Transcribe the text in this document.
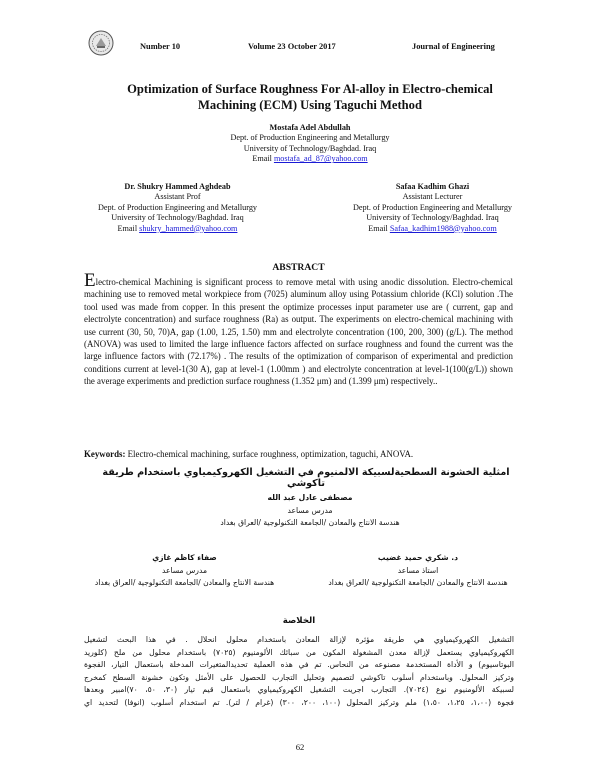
Number 10	Volume 23 October 2017	Journal of Engineering
Optimization of Surface Roughness For Al-alloy in Electro-chemical Machining (ECM) Using Taguchi Method
Mostafa Adel Abdullah
Dept. of Production Engineering and Metallurgy
University of Technology/Baghdad. Iraq
Email mostafa_ad_87@yahoo.com
Dr. Shukry Hammed Aghdeab
Assistant Prof
Dept. of Production Engineering and Metallurgy
University of Technology/Baghdad. Iraq
Email shukry_hammed@yahoo.com
Safaa Kadhim Ghazi
Assistant Lecturer
Dept. of Production Engineering and Metallurgy
University of Technology/Baghdad. Iraq
Email Safaa_kadhim1988@yahoo.com
ABSTRACT
Electro-chemical Machining is significant process to remove metal with using anodic dissolution. Electro-chemical machining use to removed metal workpiece from (7025) aluminum alloy using Potassium chloride (KCl) solution .The tool used was made from copper. In this present the optimize processes input parameter use are ( current, gap and electrolyte concentration) and surface roughness (Ra) as output. The experiments on electro-chemical machining with use current (30, 50, 70)A, gap (1.00, 1.25, 1.50) mm and electrolyte concentration (100, 200, 300) (g/L). The method (ANOVA) was used to limited the large influence factors affected on surface roughness and found the current was the large influence factors with (72.17%) . The results of the optimization of comparison of experimental and prediction conditions current at level-1(30 A), gap at level-1 (1.00mm ) and electrolyte concentration at level-1(100(g/L)) shown the average experiments and prediction surface roughness (1.352 μm) and (1.399 μm) respectively..
Keywords: Electro-chemical machining, surface roughness, optimization, taguchi, ANOVA.
امثلية الخشونة السطحيةلسبيكة الالمنيوم في التشغيل الكهروكيمياوي باستخدام طريقة تاكوشي
مصطفى عادل عبد الله
مدرس مساعد
هندسة الانتاج والمعادن /الجامعة التكنولوجية /العراق بغداد
د. شكري حميد غضيب
استاذ مساعد
هندسة الانتاج والمعادن /الجامعة التكنولوجية /العراق بغداد
صفاء كاظم غازي
مدرس مساعد
هندسة الانتاج والمعادن /الجامعة التكنولوجية /العراق بغداد
الخلاصة
التشغيل الكهروكيمياوي هي طريقة مؤثرة لإزالة المعادن باستخدام محلول انحلال . في هذا البحث لتشغيل
الكهروكيمياوي يستعمل لإزالة معدن المشغولة المكون من سبائك الألومنيوم (٧٠٢٥) باستخدام محلول من ملح (كلوريد
البوتاسيوم) و الأداة المستخدمة مصنوعه من النحاس. تم في هذه العملية تحديدالمتغيرات المدخلة باستعمال التيار، الفجوة
وتركيز المحلول. وباستخدام أسلوب تاكوشي لتصميم وتحليل التجارب للحصول على الأمثل وتكون خشونة السطح كمخرج
لسبيكة الألومنيوم نوع (٧٠٢٤). التجارب اجريت التشغيل الكهروكيمياوي باستعمال قيم تيار (٣٠، ٥٠، ٧٠)امبير وبعدها
فجوة (١،٠٠، ١،٢٥، ١،٥٠) ملم وتركيز المحلول (١٠٠، ٢٠٠، ٣٠٠) (غرام / لتر). تم استخدام أسلوب (انوفا) لتحديد اي
62
